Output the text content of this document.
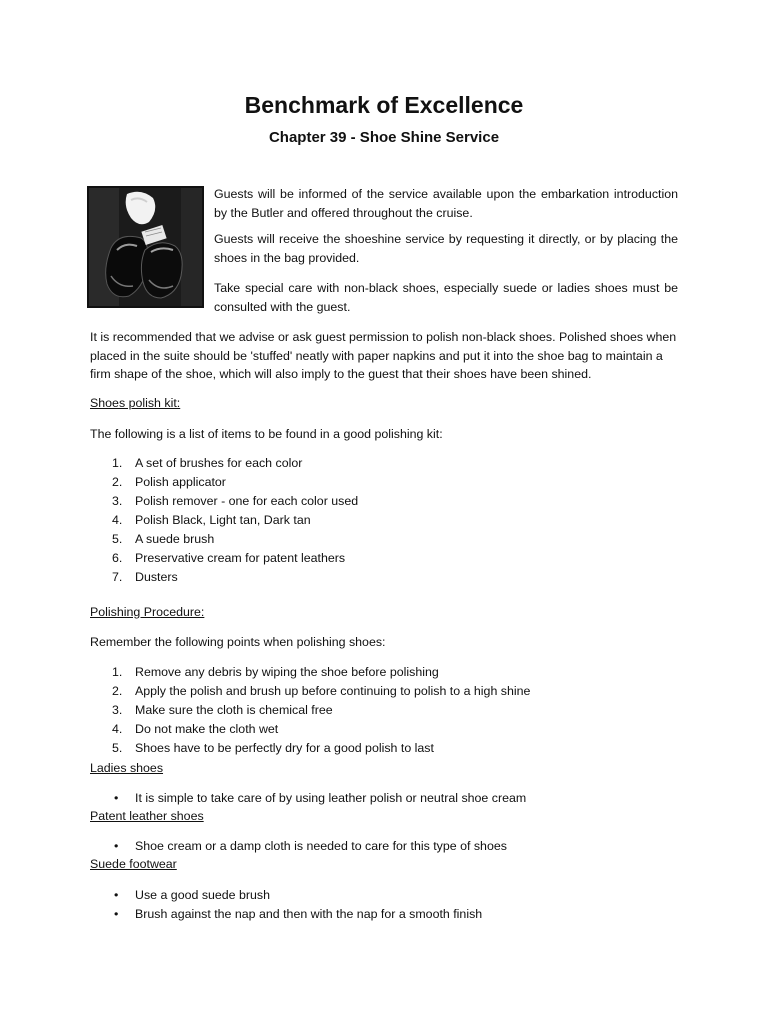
Benchmark of Excellence
Chapter 39 - Shoe Shine Service

Guests will be informed of the service available upon the embarkation introduction by the Butler and offered throughout the cruise.

Guests will receive the shoeshine service by requesting it directly, or by placing the shoes in the bag provided.

Take special care with non-black shoes, especially suede or ladies shoes must be consulted with the guest.

It is recommended that we advise or ask guest permission to polish non-black shoes. Polished shoes when placed in the suite should be 'stuffed' neatly with paper napkins and put it into the shoe bag to maintain a firm shape of the shoe, which will also imply to the guest that their shoes have been shined.

Shoes polish kit:

The following is a list of items to be found in a good polishing kit:

1. A set of brushes for each color
2. Polish applicator
3. Polish remover - one for each color used
4. Polish Black, Light tan, Dark tan
5. A suede brush
6. Preservative cream for patent leathers
7. Dusters

Polishing Procedure:

Remember the following points when polishing shoes:

1. Remove any debris by wiping the shoe before polishing
2. Apply the polish and brush up before continuing to polish to a high shine
3. Make sure the cloth is chemical free
4. Do not make the cloth wet
5. Shoes have to be perfectly dry for a good polish to last

Ladies shoes

• It is simple to take care of by using leather polish or neutral shoe cream

Patent leather shoes

• Shoe cream or a damp cloth is needed to care for this type of shoes

Suede footwear

• Use a good suede brush
• Brush against the nap and then with the nap for a smooth finish
